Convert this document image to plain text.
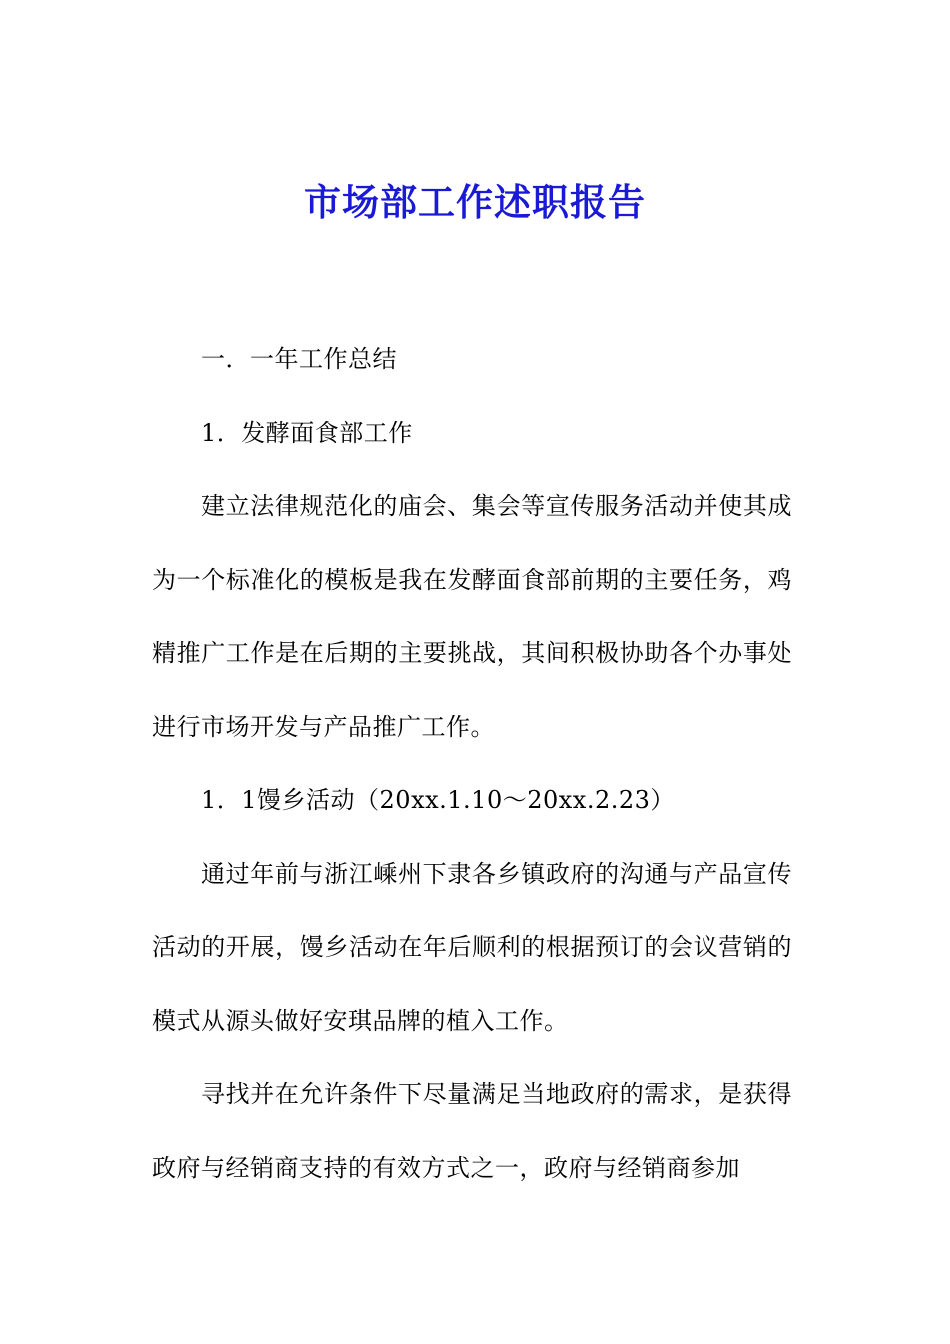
市场部工作述职报告

一．一年工作总结

1．发酵面食部工作

建立法律规范化的庙会、集会等宣传服务活动并使其成为一个标准化的模板是我在发酵面食部前期的主要任务，鸡精推广工作是在后期的主要挑战，其间积极协助各个办事处进行市场开发与产品推广工作。

1．1馒乡活动（20xx.1.10～20xx.2.23）

通过年前与浙江嵊州下隶各乡镇政府的沟通与产品宣传活动的开展，馒乡活动在年后顺利的根据预订的会议营销的模式从源头做好安琪品牌的植入工作。

寻找并在允许条件下尽量满足当地政府的需求，是获得政府与经销商支持的有效方式之一，政府与经销商参加
